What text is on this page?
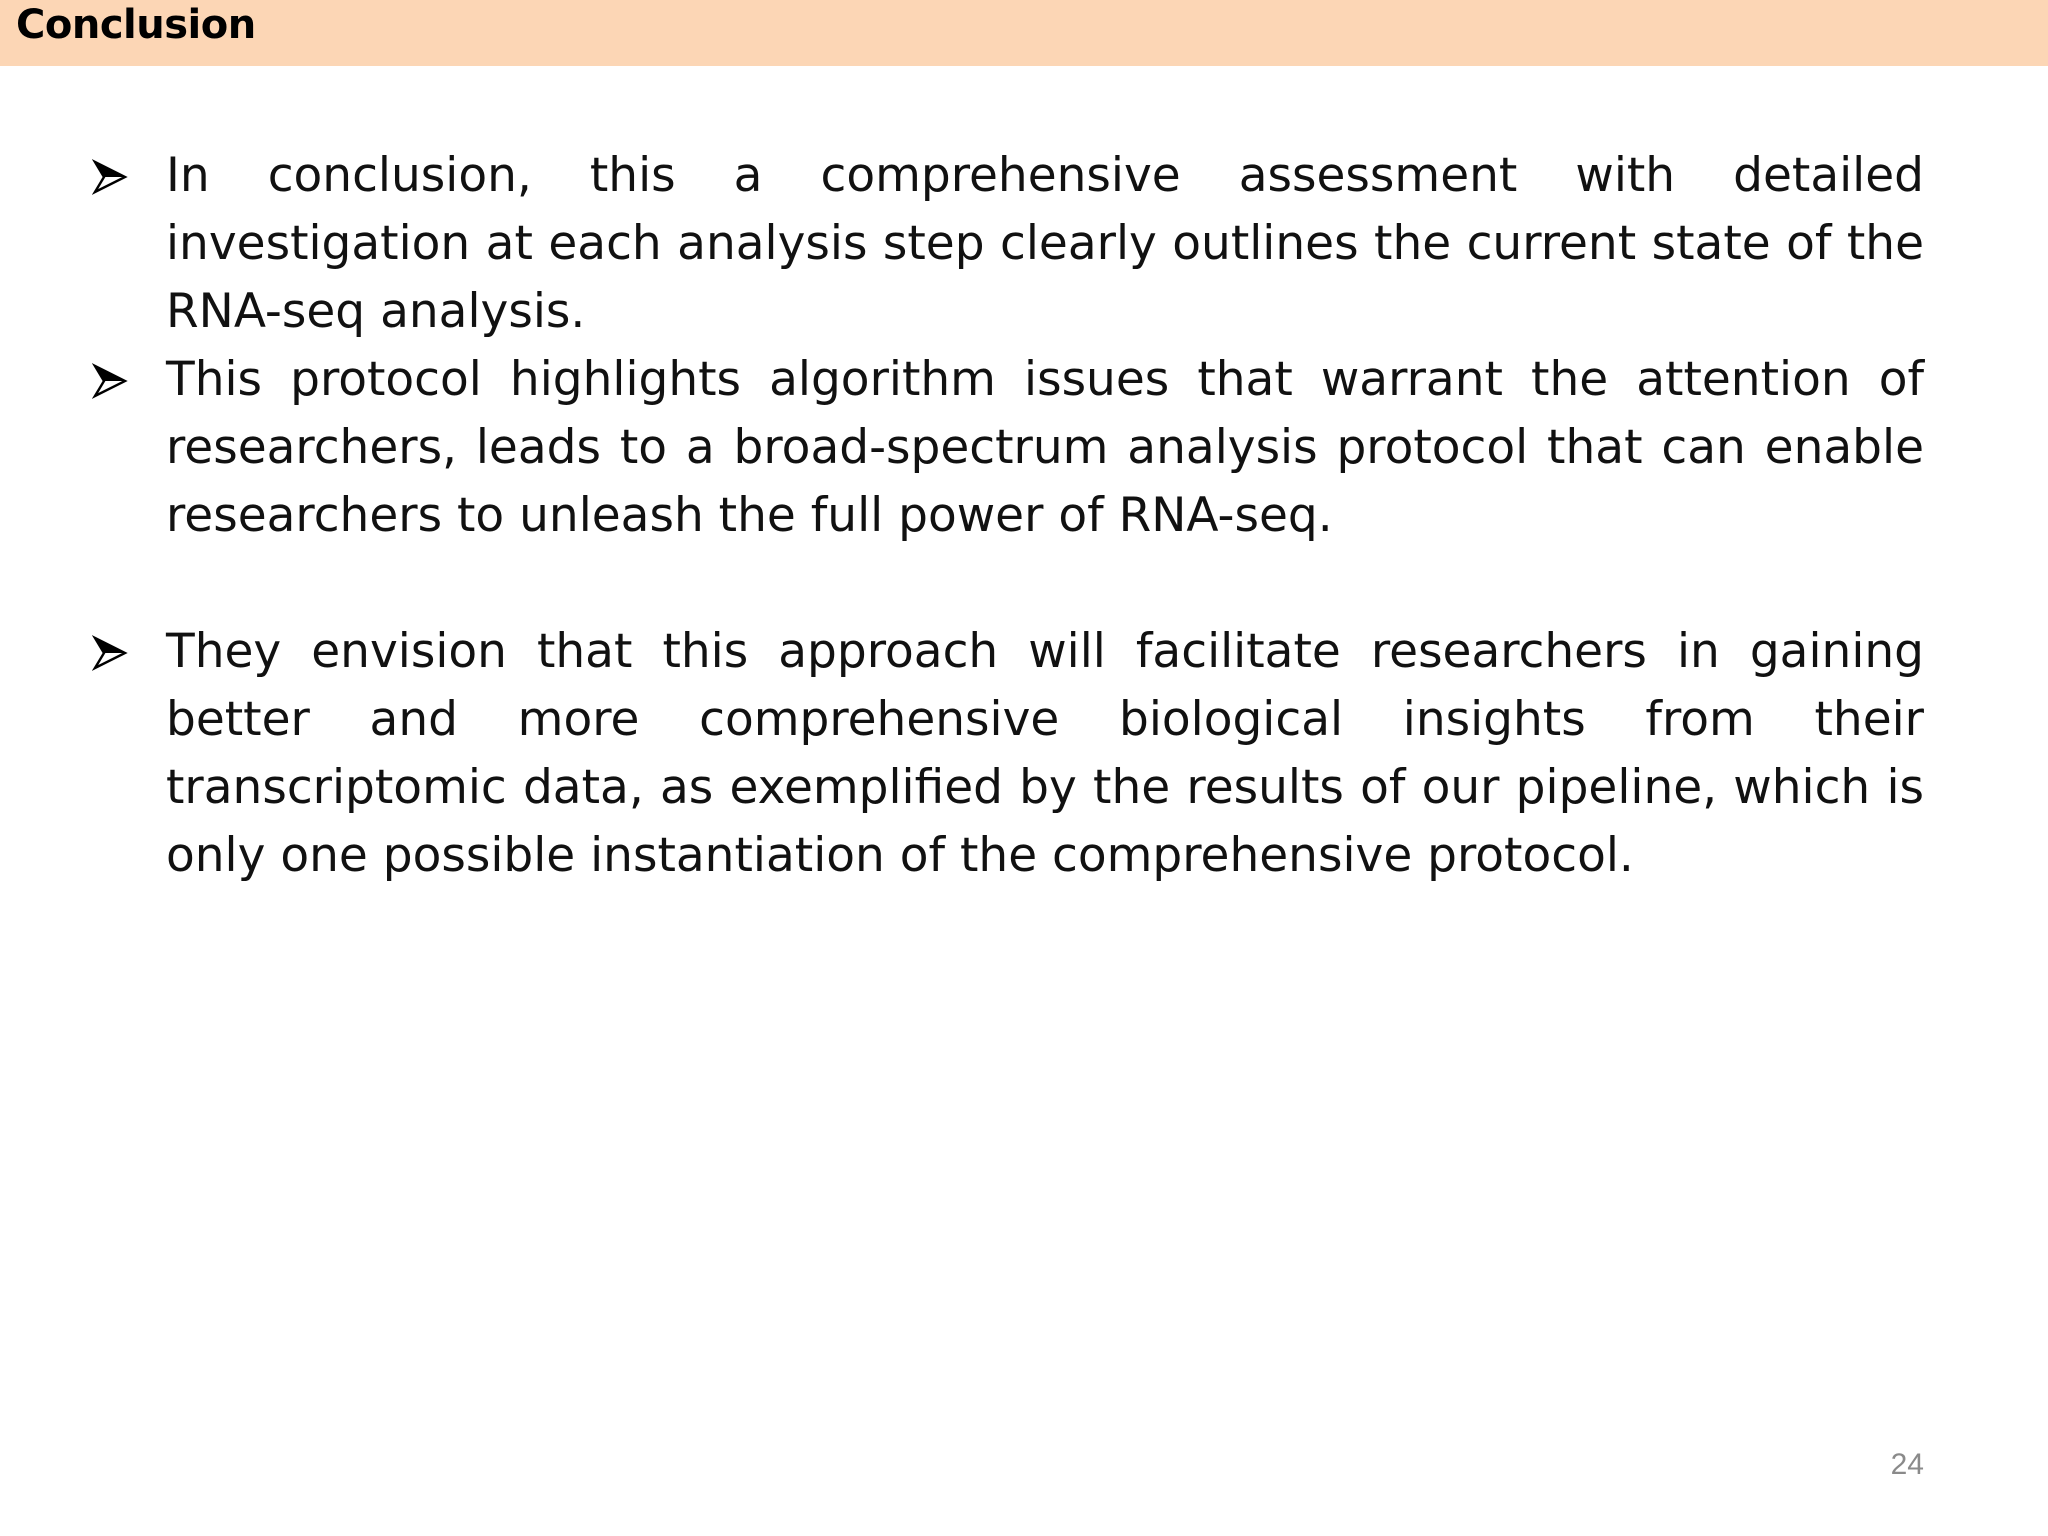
Conclusion
In conclusion, this a comprehensive assessment with detailed investigation at each analysis step clearly outlines the current state of the RNA-seq analysis.
This protocol highlights algorithm issues that warrant the attention of researchers, leads to a broad-spectrum analysis protocol that can enable researchers to unleash the full power of RNA-seq.
They envision that this approach will facilitate researchers in gaining better and more comprehensive biological insights from their transcriptomic data, as exemplified by the results of our pipeline, which is only one possible instantiation of the comprehensive protocol.
24
